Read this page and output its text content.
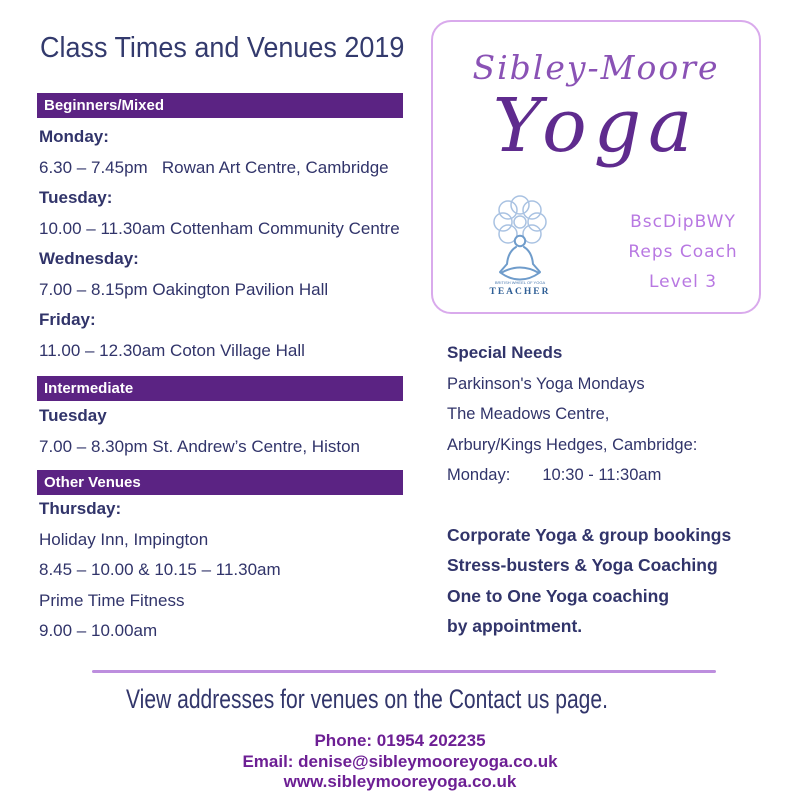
Class Times and Venues 2019
Beginners/Mixed
Monday:
6.30 – 7.45pm   Rowan Art Centre, Cambridge
Tuesday:
10.00 – 11.30am Cottenham Community Centre
Wednesday:
7.00 – 8.15pm Oakington Pavilion Hall
Friday:
11.00 – 12.30am Coton Village Hall
Intermediate
Tuesday
7.00 – 8.30pm St. Andrew’s Centre, Histon
Other Venues
Thursday:
Holiday Inn, Impington
8.45 – 10.00 & 10.15 – 11.30am
Prime Time Fitness
9.00 – 10.00am
Sibley-Moore
Yoga
BRITISH WHEEL OF YOGA
TEACHER
BscDipBWY
Reps Coach
Level 3
Special Needs
Parkinson's Yoga Mondays
The Meadows Centre,
Arbury/Kings Hedges, Cambridge:
Monday:       10:30 - 11:30am
Corporate Yoga & group bookings
Stress-busters & Yoga Coaching
One to One Yoga coaching
by appointment.
View addresses for venues on the Contact us page.
Phone: 01954 202235
Email: denise@sibleymooreyoga.co.uk
www.sibleymooreyoga.co.uk
